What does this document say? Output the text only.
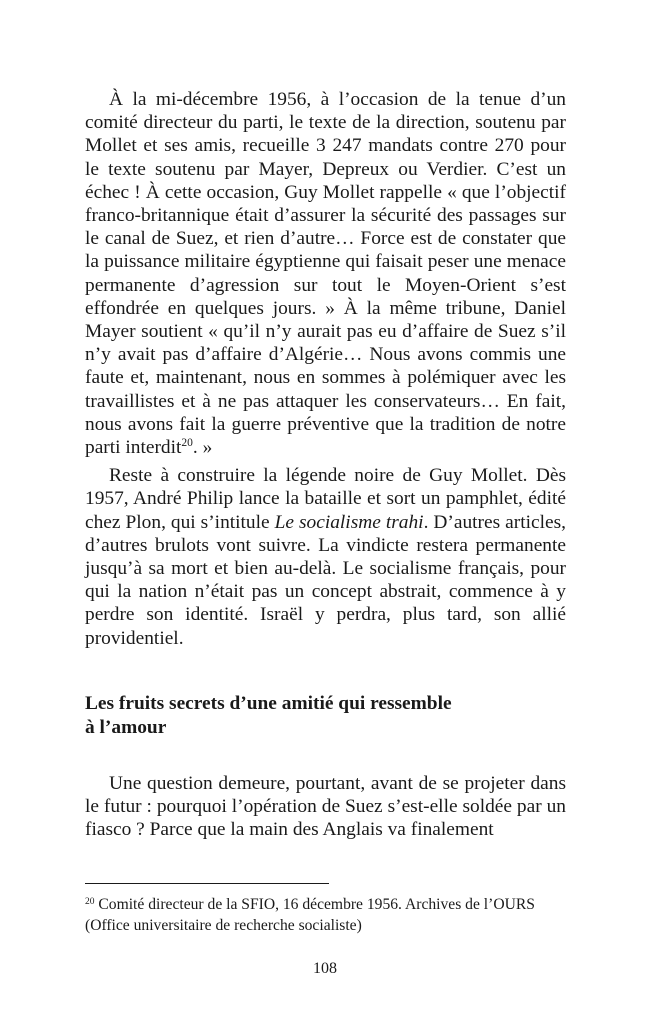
À la mi-décembre 1956, à l’occasion de la tenue d’un comité directeur du parti, le texte de la direction, soutenu par Mollet et ses amis, recueille 3 247 mandats contre 270 pour le texte soutenu par Mayer, Depreux ou Verdier. C’est un échec ! À cette occasion, Guy Mollet rappelle « que l’objectif franco-britannique était d’assurer la sécurité des passages sur le canal de Suez, et rien d’autre… Force est de constater que la puissance militaire égyptienne qui faisait peser une menace permanente d’agression sur tout le Moyen-Orient s’est effondrée en quelques jours. » À la même tribune, Daniel Mayer soutient « qu’il n’y aurait pas eu d’affaire de Suez s’il n’y avait pas d’affaire d’Algérie… Nous avons commis une faute et, maintenant, nous en sommes à polémiquer avec les travaillistes et à ne pas attaquer les conservateurs… En fait, nous avons fait la guerre préventive que la tradition de notre parti interdit$^{20}$. »

Reste à construire la légende noire de Guy Mollet. Dès 1957, André Philip lance la bataille et sort un pamphlet, édité chez Plon, qui s’intitule Le socialisme trahi. D’autres articles, d’autres brulots vont suivre. La vindicte restera permanente jusqu’à sa mort et bien au-delà. Le socialisme français, pour qui la nation n’était pas un concept abstrait, commence à y perdre son identité. Israël y perdra, plus tard, son allié providentiel.

Les fruits secrets d’une amitié qui ressemble
à l’amour

Une question demeure, pourtant, avant de se projeter dans le futur : pourquoi l’opération de Suez s’est-elle soldée par un fiasco ? Parce que la main des Anglais va finalement

$^{20}$ Comité directeur de la SFIO, 16 décembre 1956. Archives de l’OURS (Office universitaire de recherche socialiste)

108
